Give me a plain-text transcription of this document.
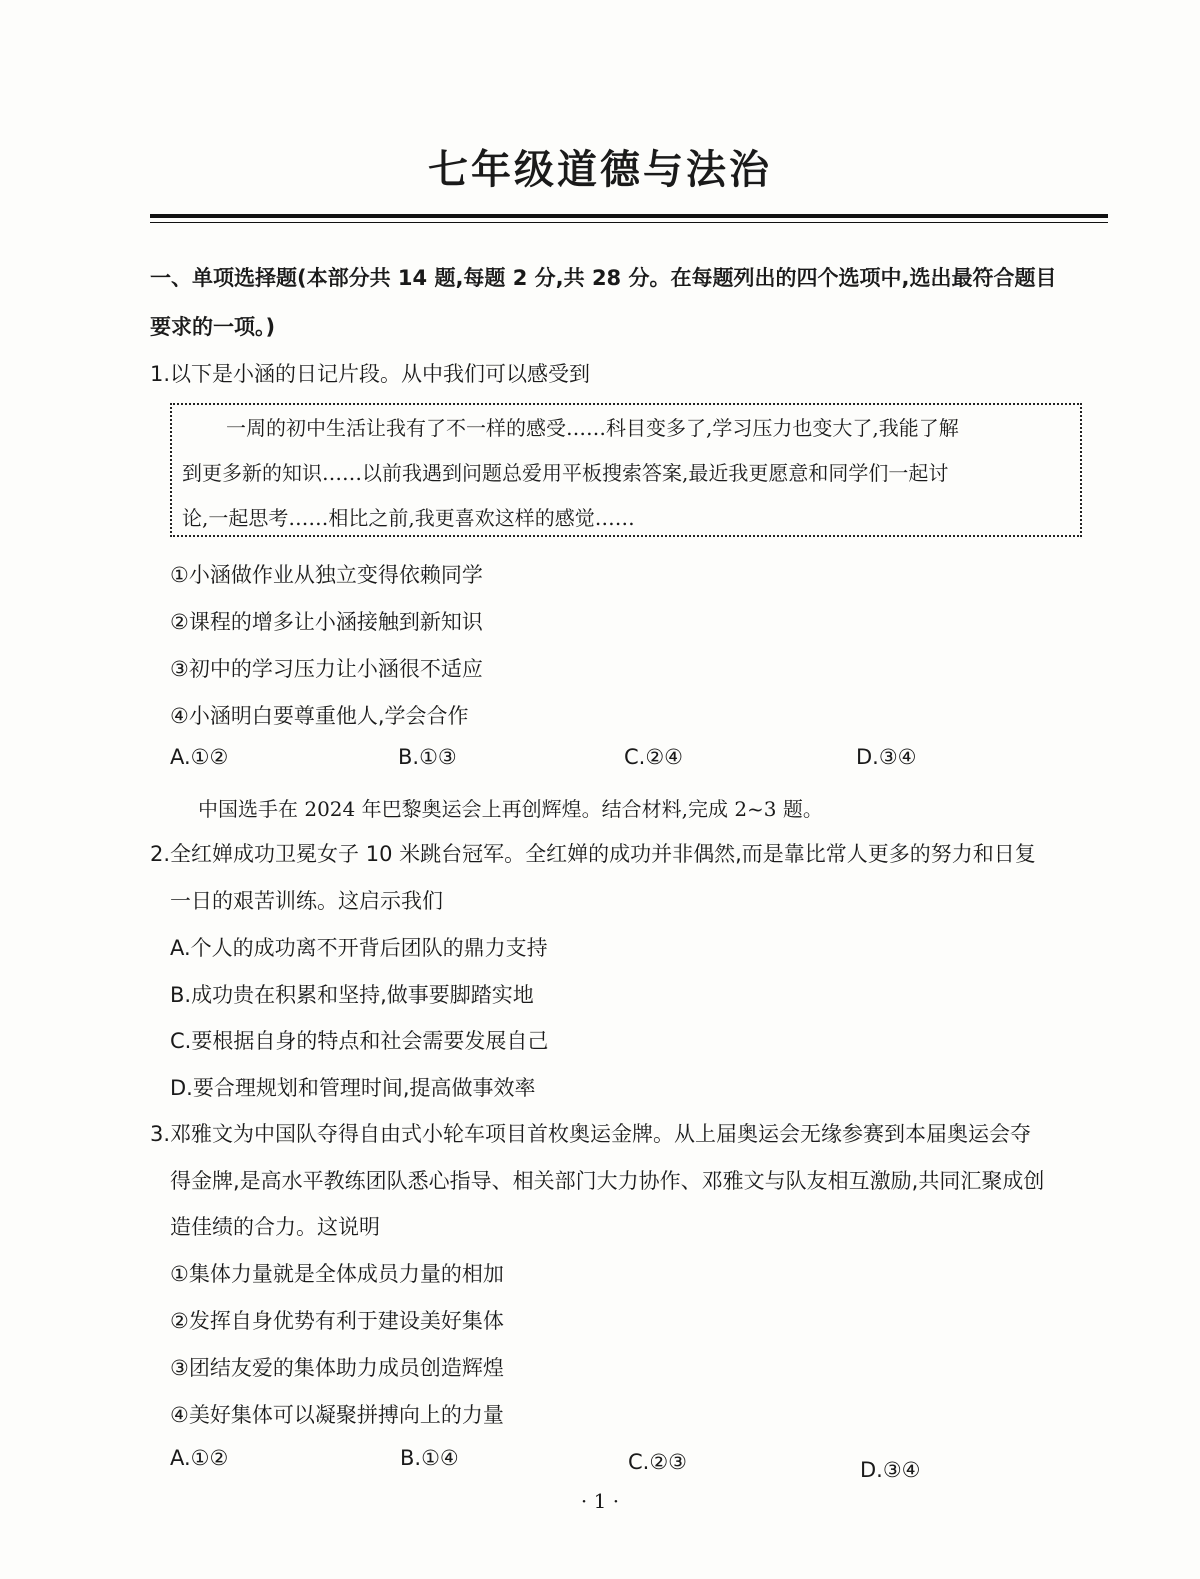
七年级道德与法治
一、单项选择题(本部分共 14 题,每题 2 分,共 28 分。在每题列出的四个选项中,选出最符合题目
要求的一项。)
1.以下是小涵的日记片段。从中我们可以感受到
一周的初中生活让我有了不一样的感受……科目变多了,学习压力也变大了,我能了解
到更多新的知识……以前我遇到问题总爱用平板搜索答案,最近我更愿意和同学们一起讨
论,一起思考……相比之前,我更喜欢这样的感觉……
①小涵做作业从独立变得依赖同学
②课程的增多让小涵接触到新知识
③初中的学习压力让小涵很不适应
④小涵明白要尊重他人,学会合作
A.①②	B.①③	C.②④	D.③④
中国选手在 2024 年巴黎奥运会上再创辉煌。结合材料,完成 2~3 题。
2.全红婵成功卫冕女子 10 米跳台冠军。全红婵的成功并非偶然,而是靠比常人更多的努力和日复
一日的艰苦训练。这启示我们
A.个人的成功离不开背后团队的鼎力支持
B.成功贵在积累和坚持,做事要脚踏实地
C.要根据自身的特点和社会需要发展自己
D.要合理规划和管理时间,提高做事效率
3.邓雅文为中国队夺得自由式小轮车项目首枚奥运金牌。从上届奥运会无缘参赛到本届奥运会夺
得金牌,是高水平教练团队悉心指导、相关部门大力协作、邓雅文与队友相互激励,共同汇聚成创
造佳绩的合力。这说明
①集体力量就是全体成员力量的相加
②发挥自身优势有利于建设美好集体
③团结友爱的集体助力成员创造辉煌
④美好集体可以凝聚拼搏向上的力量
A.①②	B.①④	C.②③	D.③④
· 1 ·
